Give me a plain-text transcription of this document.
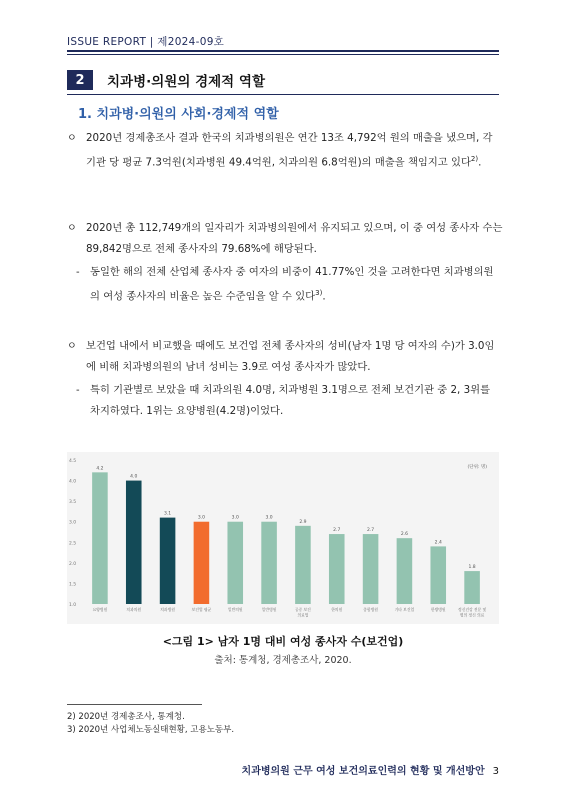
ISSUE REPORT | 제2024-09호
2	치과병·의원의 경제적 역할
1. 치과병·의원의 사회·경제적 역할
ㅇ 2020년 경제총조사 결과 한국의 치과병의원은 연간 13조 4,792억 원의 매출을 냈으며, 각 기관 당 평균 7.3억원(치과병원 49.4억원, 치과의원 6.8억원)의 매출을 책임지고 있다$^{2)}$.
ㅇ 2020년 총 112,749개의 일자리가 치과병의원에서 유지되고 있으며, 이 중 여성 종사자 수는 89,842명으로 전체 종사자의 79.68%에 해당된다.
-	동일한 해의 전체 산업체 종사자 중 여자의 비중이 41.77%인 것을 고려한다면 치과병의원의 여성 종사자의 비율은 높은 수준임을 알 수 있다$^{3)}$.
ㅇ 보건업 내에서 비교했을 때에도 보건업 전체 종사자의 성비(남자 1명 당 여자의 수)가 3.0임에 비해 치과병의원의 남녀 성비는 3.9로 여성 종사자가 많았다.
-	특히 기관별로 보았을 때 치과의원 4.0명, 치과병원 3.1명으로 전체 보건기관 중 2, 3위를 차지하였다. 1위는 요양병원(4.2명)이었다.
1.0
1.5
2.0
2.5
3.0
3.5
4.0
4.5
(단위: 명)
4.2
요양병원
4.0
치과의원
3.1
치과병원
3.0
보건업 평균
3.0
일반의원
3.0
일반병원
2.9
공중 보건
의료업
2.7
한의원
2.7
종합병원
2.6
기타 보건업
2.4
한방병원
1.8
정신건강 전문 및
병의 정신 의료
<그림 1> 남자 1명 대비 여성 종사자 수(보건업)
출처: 통계청, 경제총조사, 2020.
2) 2020년 경제총조사, 통계청.
3) 2020년 사업체노동실태현황, 고용노동부.
치과병의원 근무 여성 보건의료인력의 현황 및 개선방안 3
